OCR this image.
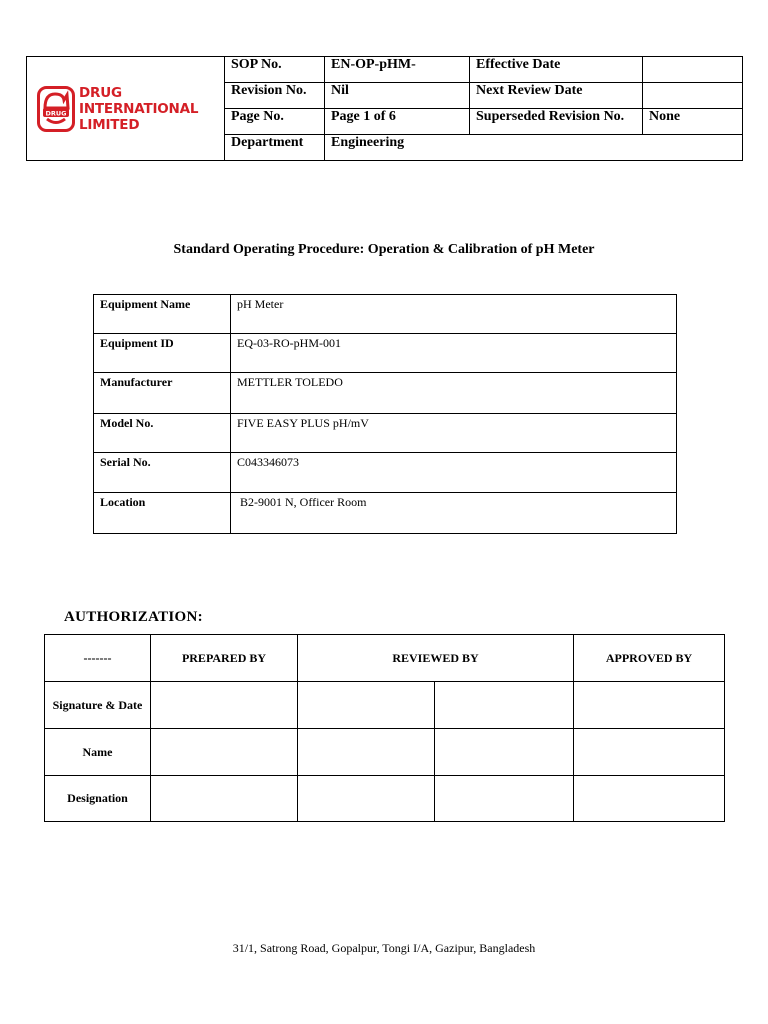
DRUG
DRUG
INTERNATIONAL
LIMITED	SOP No.	EN-OP-pHM-	Effective Date	
	Revision No.	Nil	Next Review Date	
	Page No.	Page 1 of 6	Superseded Revision No.	None
	Department	Engineering		
Standard Operating Procedure: Operation & Calibration of pH Meter
Equipment Name	pH Meter
Equipment ID	EQ-03-RO-pHM-001
Manufacturer	METTLER TOLEDO
Model No.	FIVE EASY PLUS pH/mV
Serial No.	C043346073
Location	B2-9001 N, Officer Room
AUTHORIZATION:
-------	PREPARED BY	REVIEWED BY		APPROVED BY
Signature & Date				
Name				
Designation				
31/1, Satrong Road, Gopalpur, Tongi I/A, Gazipur, Bangladesh
